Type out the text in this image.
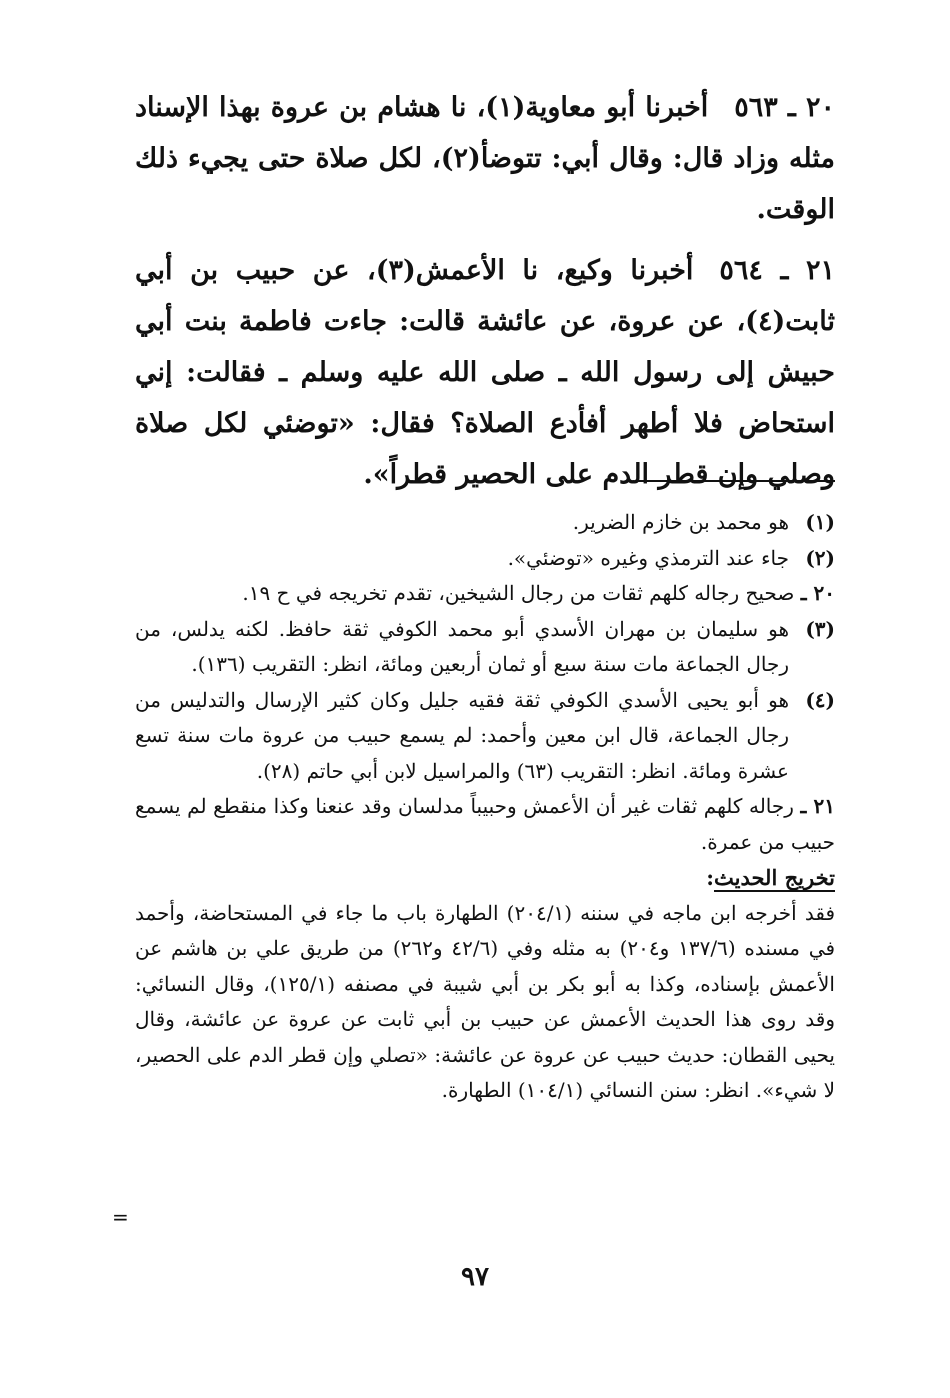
٢٠ ـ ٥٦٣أخبرنا أبو معاوية(١)، نا هشام بن عروة بهذا الإسناد مثله وزاد قال: وقال أبي: تتوضأ(٢)، لكل صلاة حتى يجيء ذلك الوقت.

٢١ ـ ٥٦٤أخبرنا وكيع، نا الأعمش(٣)، عن حبيب بن أبي ثابت(٤)، عن عروة، عن عائشة قالت: جاءت فاطمة بنت أبي حبيش إلى رسول الله ـ صلى الله عليه وسلم ـ فقالت: إني استحاض فلا أطهر أفأدع الصلاة؟ فقال: «توضئي لكل صلاة وصلي وإن قطر الدم على الحصير قطراً».

(١)
هو محمد بن خازم الضرير.

(٢)
جاء عند الترمذي وغيره «توضئي».

٢٠ ـ صحيح رجاله كلهم ثقات من رجال الشيخين، تقدم تخريجه في ح ١٩.

(٣)
هو سليمان بن مهران الأسدي أبو محمد الكوفي ثقة حافظ. لكنه يدلس، من رجال الجماعة مات سنة سبع أو ثمان أربعين ومائة، انظر: التقريب (١٣٦).

(٤)
هو أبو يحيى الأسدي الكوفي ثقة فقيه جليل وكان كثير الإرسال والتدليس من رجال الجماعة، قال ابن معين وأحمد: لم يسمع حبيب من عروة مات سنة تسع عشرة ومائة. انظر: التقريب (٦٣) والمراسيل لابن أبي حاتم (٢٨).

٢١ ـ رجاله كلهم ثقات غير أن الأعمش وحبيباً مدلسان وقد عنعنا وكذا منقطع لم يسمع حبيب من عمرة.

تخريج الحديث:

فقد أخرجه ابن ماجه في سننه (٢٠٤/١) الطهارة باب ما جاء في المستحاضة، وأحمد في مسنده (١٣٧/٦ و٢٠٤) به مثله وفي (٤٢/٦ و٢٦٢) من طريق علي بن هاشم عن الأعمش بإسناده، وكذا به أبو بكر بن أبي شيبة في مصنفه (١٢٥/١)، وقال النسائي: وقد روى هذا الحديث الأعمش عن حبيب بن أبي ثابت عن عروة عن عائشة، وقال يحيى القطان: حديث حبيب عن عروة عن عائشة: «تصلي وإن قطر الدم على الحصير، لا شيء». انظر: سنن النسائي (١٠٤/١) الطهارة.

=
٩٧
